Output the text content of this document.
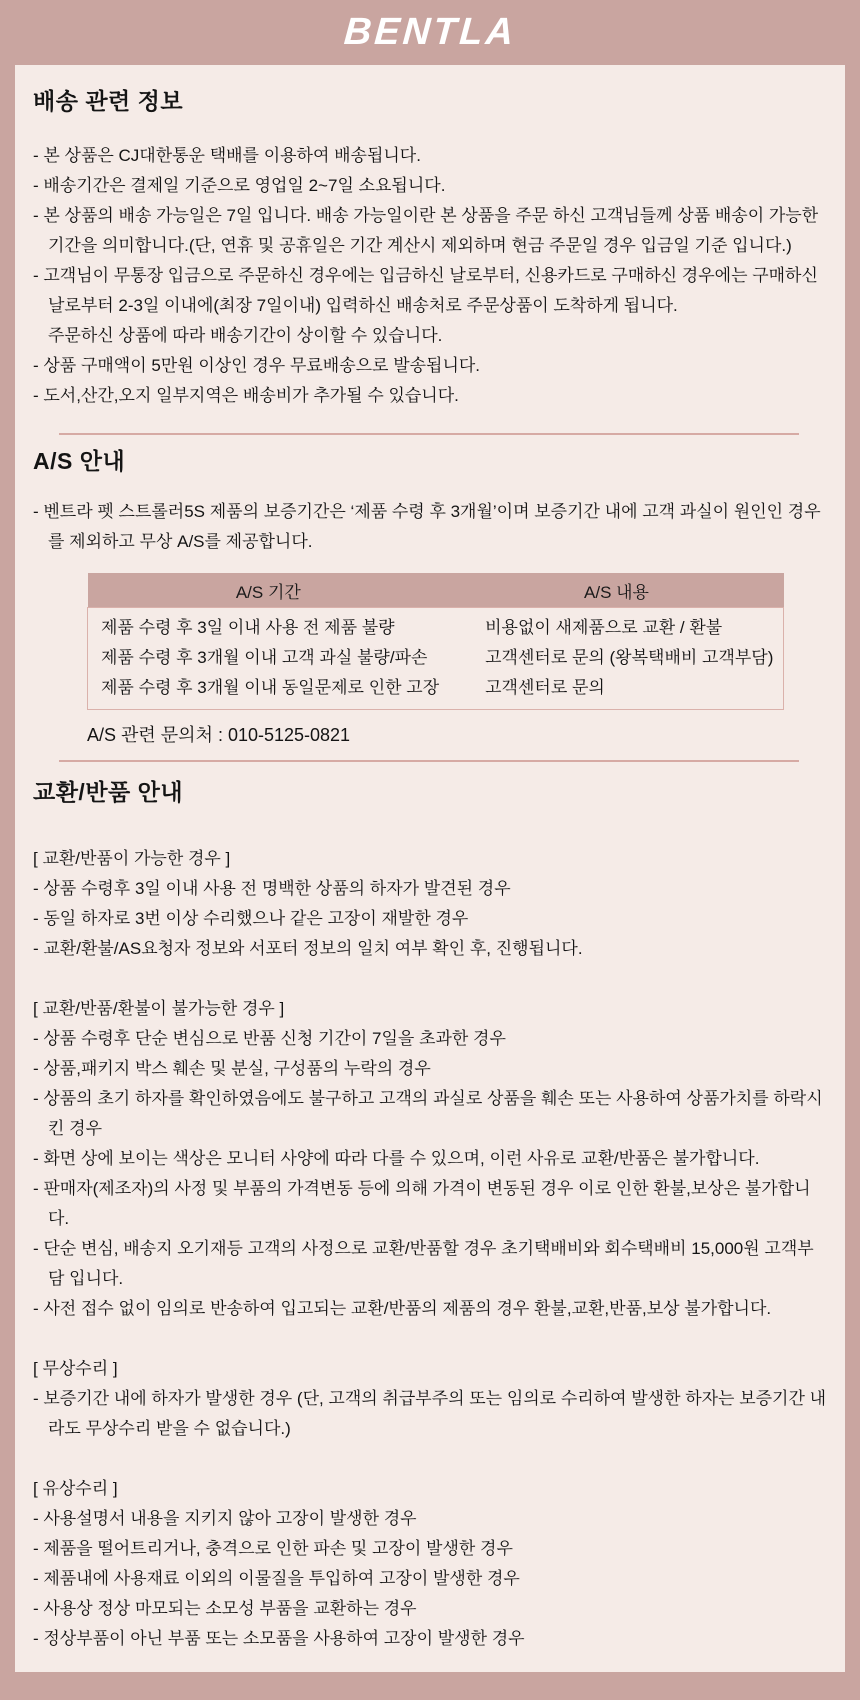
BENTLA
배송 관련 정보
- 본 상품은 CJ대한통운 택배를 이용하여 배송됩니다.
- 배송기간은 결제일 기준으로 영업일 2~7일 소요됩니다.
- 본 상품의 배송 가능일은 7일 입니다. 배송 가능일이란 본 상품을 주문 하신 고객님들께 상품 배송이 가능한 기간을 의미합니다.(단, 연휴 및 공휴일은 기간 계산시 제외하며 현금 주문일 경우 입금일 기준 입니다.)
- 고객님이 무통장 입금으로 주문하신 경우에는 입금하신 날로부터, 신용카드로 구매하신 경우에는 구매하신 날로부터 2-3일 이내에(최장 7일이내) 입력하신 배송처로 주문상품이 도착하게 됩니다.
주문하신 상품에 따라 배송기간이 상이할 수 있습니다.
- 상품 구매액이 5만원 이상인 경우 무료배송으로 발송됩니다.
- 도서,산간,오지 일부지역은 배송비가 추가될 수 있습니다.
A/S 안내
- 벤트라 펫 스트롤러5S 제품의 보증기간은 ‘제품 수령 후 3개월’이며 보증기간 내에 고객 과실이 원인인 경우를 제외하고 무상 A/S를 제공합니다.
A/S 기간	A/S 내용
제품 수령 후 3일 이내 사용 전 제품 불량	비용없이 새제품으로 교환 / 환불
제품 수령 후 3개월 이내 고객 과실 불량/파손	고객센터로 문의 (왕복택배비 고객부담)
제품 수령 후 3개월 이내 동일문제로 인한 고장	고객센터로 문의
A/S 관련 문의처 : 010-5125-0821
교환/반품 안내
[ 교환/반품이 가능한 경우 ]
- 상품 수령후 3일 이내 사용 전 명백한 상품의 하자가 발견된 경우
- 동일 하자로 3번 이상 수리했으나 같은 고장이 재발한 경우
- 교환/환불/AS요청자 정보와 서포터 정보의 일치 여부 확인 후, 진행됩니다.
[ 교환/반품/환불이 불가능한 경우 ]
- 상품 수령후 단순 변심으로 반품 신청 기간이 7일을 초과한 경우
- 상품,패키지 박스 훼손 및 분실, 구성품의 누락의 경우
- 상품의 초기 하자를 확인하였음에도 불구하고 고객의 과실로 상품을 훼손 또는 사용하여 상품가치를 하락시킨 경우
- 화면 상에 보이는 색상은 모니터 사양에 따라 다를 수 있으며, 이런 사유로 교환/반품은 불가합니다.
- 판매자(제조자)의 사정 및 부품의 가격변동 등에 의해 가격이 변동된 경우 이로 인한 환불,보상은 불가합니다.
- 단순 변심, 배송지 오기재등 고객의 사정으로 교환/반품할 경우 초기택배비와 회수택배비 15,000원 고객부담 입니다.
- 사전 접수 없이 임의로 반송하여 입고되는 교환/반품의 제품의 경우 환불,교환,반품,보상 불가합니다.
[ 무상수리 ]
- 보증기간 내에 하자가 발생한 경우 (단, 고객의 취급부주의 또는 임의로 수리하여 발생한 하자는 보증기간 내라도 무상수리 받을 수 없습니다.)
[ 유상수리 ]
- 사용설명서 내용을 지키지 않아 고장이 발생한 경우
- 제품을 떨어트리거나, 충격으로 인한 파손 및 고장이 발생한 경우
- 제품내에 사용재료 이외의 이물질을 투입하여 고장이 발생한 경우
- 사용상 정상 마모되는 소모성 부품을 교환하는 경우
- 정상부품이 아닌 부품 또는 소모품을 사용하여 고장이 발생한 경우
